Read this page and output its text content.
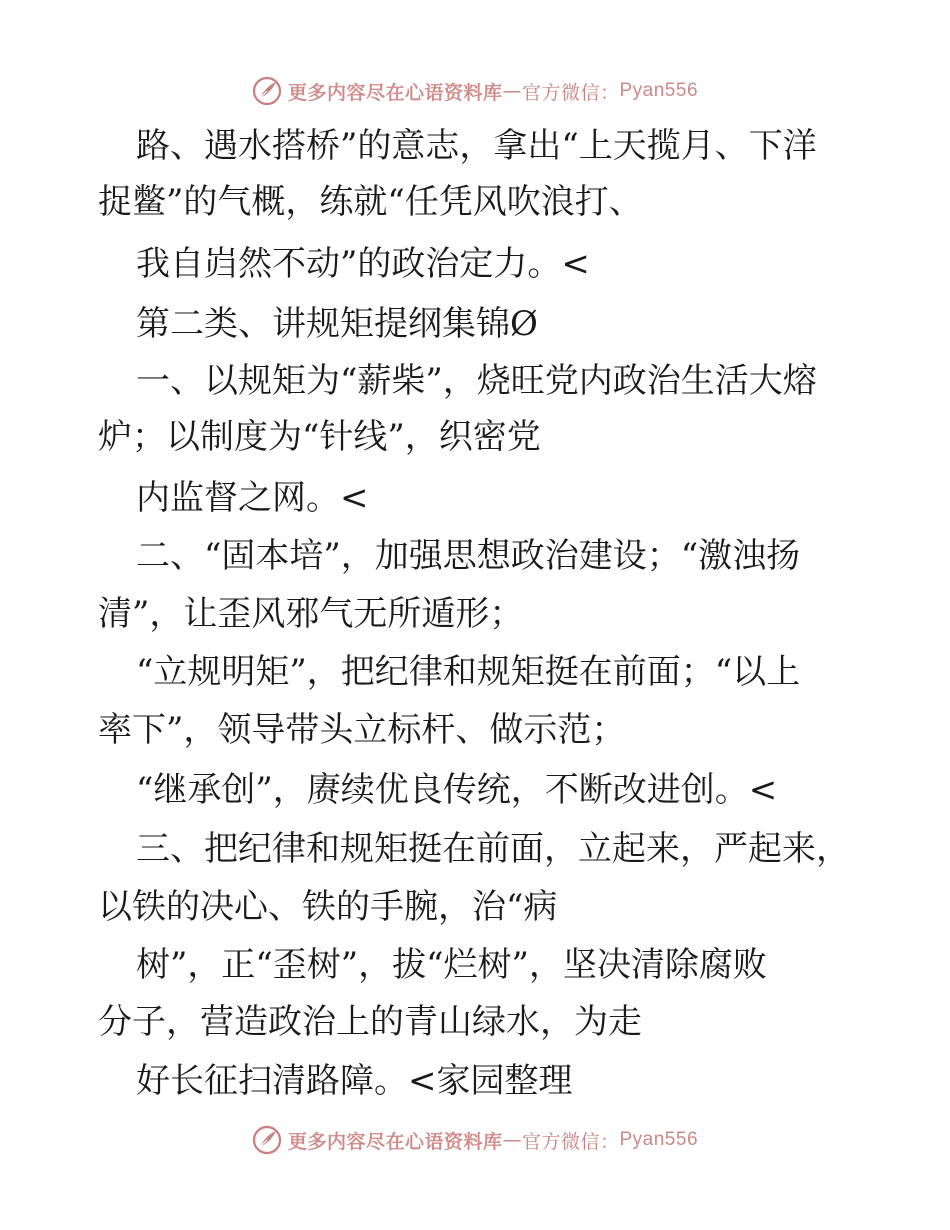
更多内容尽在心语资料库 — 官方微信： Pyan556
路、遇水搭桥”的意志，拿出“上天揽月、下洋
捉鳖”的气概，练就“任凭风吹浪打、
我自岿然不动”的政治定力。<
第二类、讲规矩提纲集锦Ø
一、以规矩为“薪柴”，烧旺党内政治生活大熔
炉；以制度为“针线”，织密党
内监督之网。<
二、“固本培”，加强思想政治建设；“激浊扬
清”，让歪风邪气无所遁形；
“立规明矩”，把纪律和规矩挺在前面；“以上
率下”，领导带头立标杆、做示范；
“继承创”，赓续优良传统，不断改进创。<
三、把纪律和规矩挺在前面，立起来，严起来，
以铁的决心、铁的手腕，治“病
树”，正“歪树”，拔“烂树”，坚决清除腐败
分子，营造政治上的青山绿水，为走
好长征扫清路障。<家园整理
更多内容尽在心语资料库 — 官方微信： Pyan556
